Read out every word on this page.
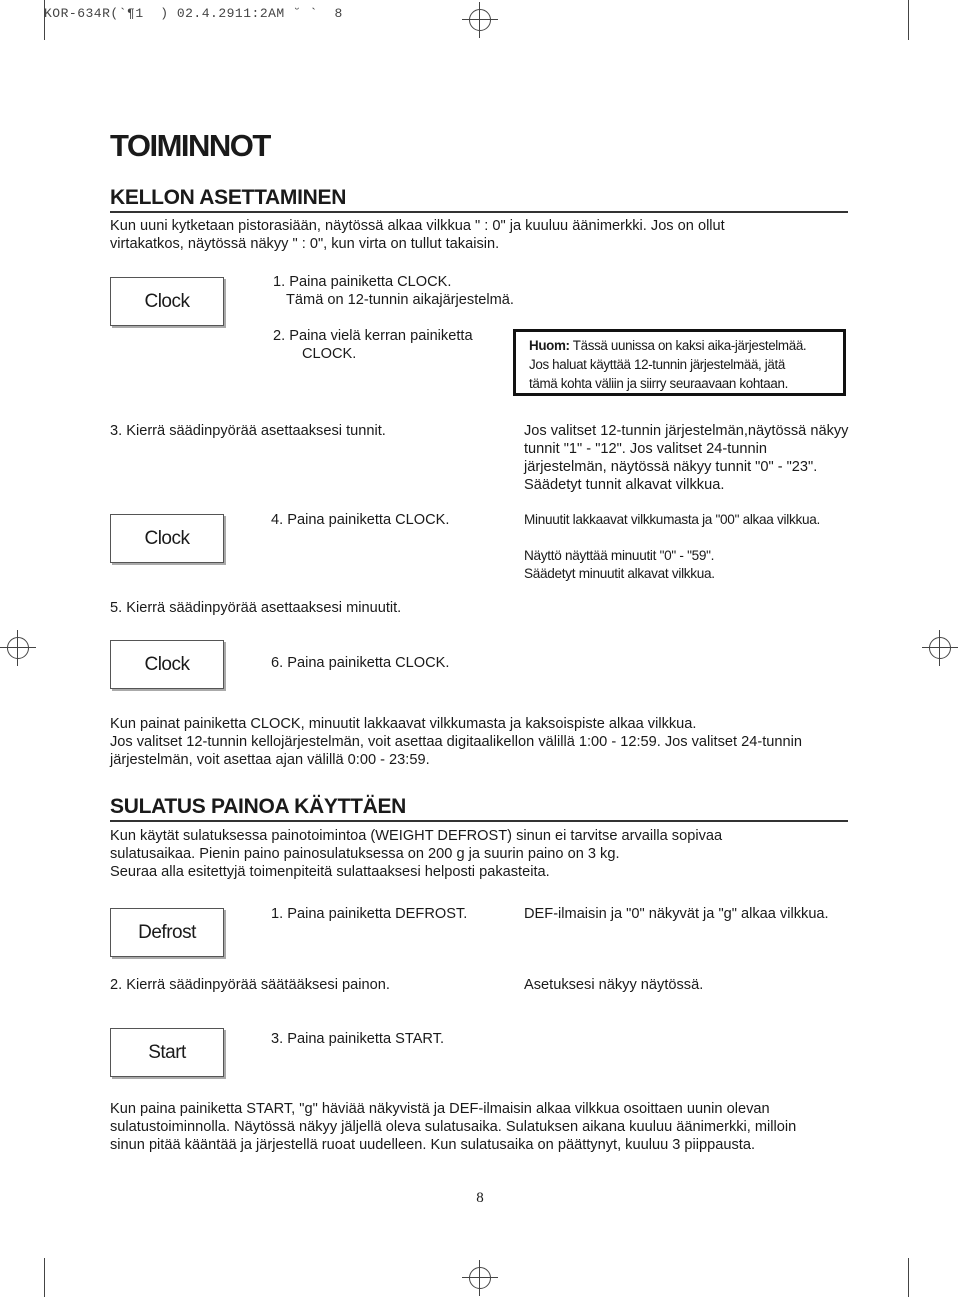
KOR-634R(`¶1  ) 02.4.2911:2AM ˘ `  8
TOIMINNOT
KELLON ASETTAMINEN
Kun uuni kytketaan pistorasiään, näytössä alkaa vilkkua " : 0" ja kuuluu äänimerkki. Jos on ollut virtakatkos, näytössä näkyy " : 0", kun virta on tullut takaisin.
Clock
1. Paina painiketta CLOCK.
Tämä on 12-tunnin aikajärjestelmä.
2. Paina vielä kerran painiketta
CLOCK.
Huom: Tässä uunissa on kaksi aika-järjestelmää.
Jos haluat käyttää 12-tunnin järjestelmää, jätä
tämä kohta väliin ja siirry seuraavaan kohtaan.
3. Kierrä säädinpyörää asettaaksesi tunnit.	Jos valitset 12-tunnin järjestelmän,näytössä näkyy
tunnit "1" - "12". Jos valitset 24-tunnin
järjestelmän, näytössä näkyy tunnit "0" - "23".
Säädetyt tunnit alkavat vilkkua.
Clock
4. Paina painiketta CLOCK.	Minuutit lakkaavat vilkkumasta ja "00" alkaa vilkkua.
Näyttö näyttää minuutit "0" - "59".
Säädetyt minuutit alkavat vilkkua.
5. Kierrä säädinpyörää asettaaksesi minuutit.
Clock	6. Paina painiketta CLOCK.
Kun painat painiketta CLOCK, minuutit lakkaavat vilkkumasta ja kaksoispiste alkaa vilkkua.
Jos valitset 12-tunnin kellojärjestelmän, voit asettaa digitaalikellon välillä 1:00 - 12:59. Jos valitset 24-tunnin
järjestelmän, voit asettaa ajan välillä 0:00 - 23:59.
SULATUS PAINOA KÄYTTÄEN
Kun käytät sulatuksessa painotoimintoa (WEIGHT DEFROST) sinun ei tarvitse arvailla sopivaa
sulatusaikaa. Pienin paino painosulatuksessa on 200 g ja suurin paino on 3 kg.
Seuraa alla esitettyjä toimenpiteitä sulattaaksesi helposti pakasteita.
Defrost
1. Paina painiketta DEFROST.	DEF-ilmaisin ja "0" näkyvät ja "g" alkaa vilkkua.
2. Kierrä säädinpyörää säätääksesi painon.	Asetuksesi näkyy näytössä.
Start
3. Paina painiketta START.
Kun paina painiketta START, "g" häviää näkyvistä ja DEF-ilmaisin alkaa vilkkua osoittaen uunin olevan
sulatustoiminnolla. Näytössä näkyy jäljellä oleva sulatusaika. Sulatuksen aikana kuuluu äänimerkki, milloin
sinun pitää kääntää ja järjestellä ruoat uudelleen. Kun sulatusaika on päättynyt, kuuluu 3 piippausta.
8
